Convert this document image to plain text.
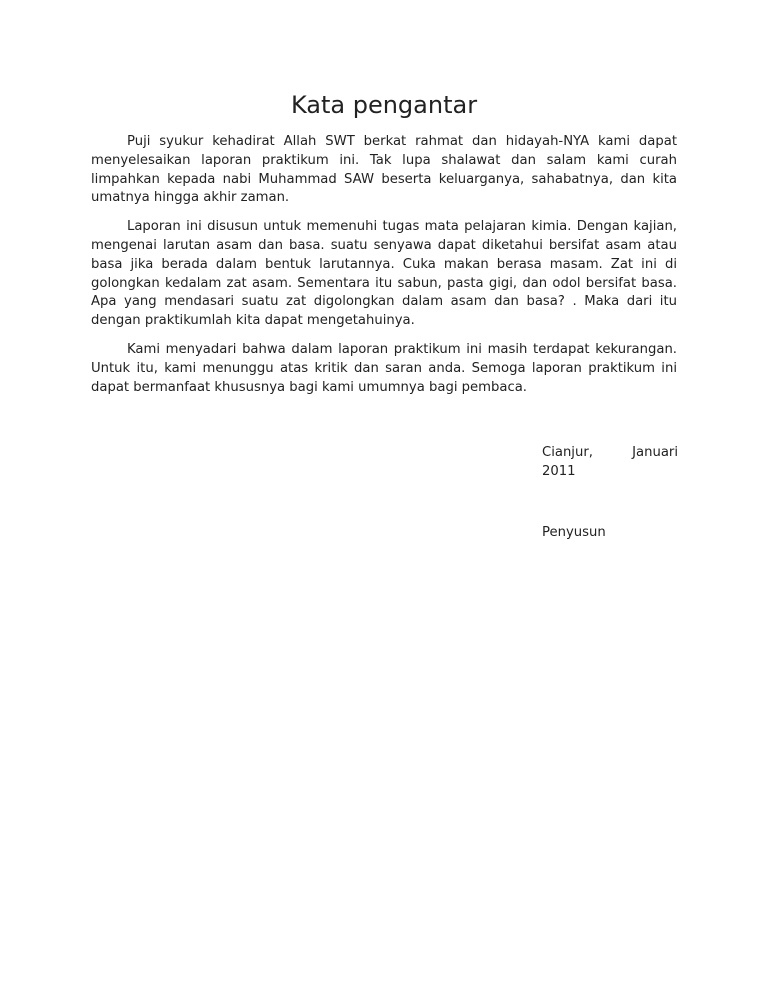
Kata pengantar

Puji syukur kehadirat Allah SWT berkat rahmat dan hidayah-NYA kami dapat menyelesaikan laporan praktikum ini. Tak lupa shalawat dan salam kami curah limpahkan kepada nabi Muhammad SAW beserta keluarganya, sahabatnya, dan kita umatnya hingga akhir zaman.

Laporan ini disusun untuk memenuhi tugas mata pelajaran kimia. Dengan kajian, mengenai larutan asam dan basa. suatu senyawa dapat diketahui bersifat asam atau basa jika berada dalam bentuk larutannya. Cuka makan berasa masam. Zat ini di golongkan kedalam zat asam. Sementara itu sabun, pasta gigi, dan odol bersifat basa. Apa yang mendasari suatu zat digolongkan dalam asam dan basa? . Maka dari itu dengan praktikumlah kita dapat mengetahuinya.

Kami menyadari bahwa dalam laporan praktikum ini masih terdapat kekurangan. Untuk itu, kami menunggu atas kritik dan saran anda. Semoga laporan praktikum ini dapat bermanfaat khususnya bagi kami umumnya bagi pembaca.

Cianjur, Januari
2011
Penyusun
